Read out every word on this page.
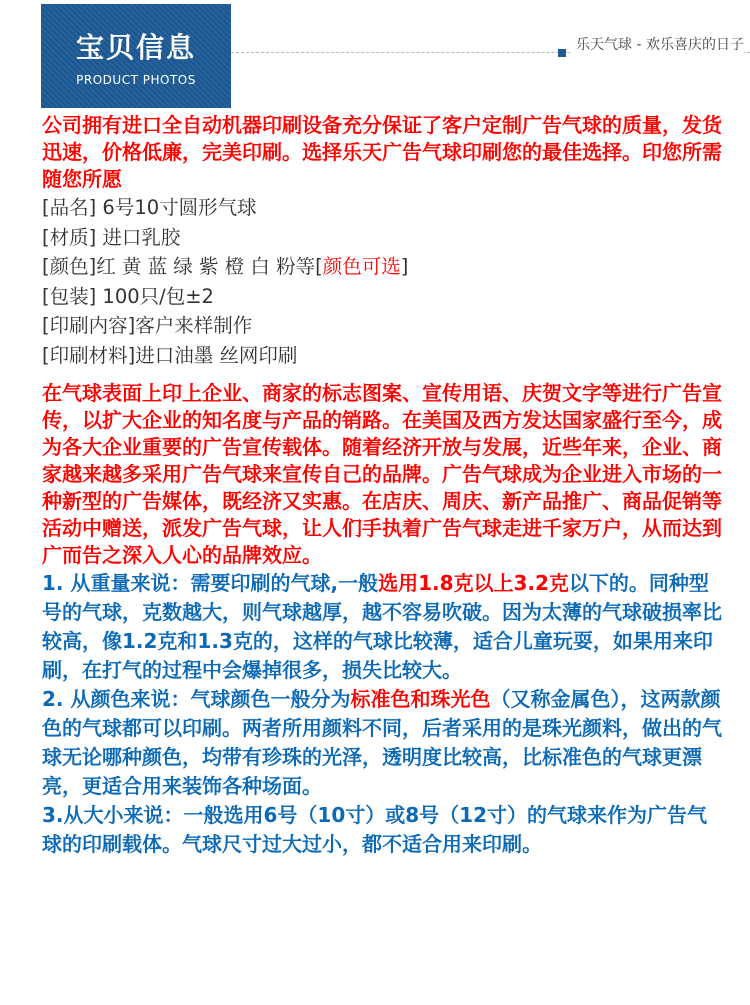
宝贝信息
PRODUCT PHOTOS
乐天气球 - 欢乐喜庆的日子

公司拥有进口全自动机器印刷设备充分保证了客户定制广告气球的质量，发货迅速，价格低廉，完美印刷。选择乐天广告气球印刷您的最佳选择。印您所需 随您所愿

[品名] 6号10寸圆形气球

[材质] 进口乳胶

[颜色]红 黄 蓝 绿 紫 橙 白 粉等[颜色可选]

[包装] 100只/包±2

[印刷内容]客户来样制作

[印刷材料]进口油墨 丝网印刷

在气球表面上印上企业、商家的标志图案、宣传用语、庆贺文字等进行广告宣传，以扩大企业的知名度与产品的销路。在美国及西方发达国家盛行至今，成为各大企业重要的广告宣传载体。随着经济开放与发展，近些年来，企业、商家越来越多采用广告气球来宣传自己的品牌。广告气球成为企业进入市场的一种新型的广告媒体，既经济又实惠。在店庆、周庆、新产品推广、商品促销等活动中赠送，派发广告气球，让人们手执着广告气球走进千家万户，从而达到广而告之深入人心的品牌效应。

1. 从重量来说：需要印刷的气球,一般选用1.8克以上3.2克以下的。同种型号的气球，克数越大，则气球越厚，越不容易吹破。因为太薄的气球破损率比较高，像1.2克和1.3克的，这样的气球比较薄，适合儿童玩耍，如果用来印刷，在打气的过程中会爆掉很多，损失比较大。

2. 从颜色来说：气球颜色一般分为标准色和珠光色（又称金属色），这两款颜色的气球都可以印刷。两者所用颜料不同，后者采用的是珠光颜料，做出的气球无论哪种颜色，均带有珍珠的光泽，透明度比较高，比标准色的气球更漂亮，更适合用来装饰各种场面。

3.从大小来说：一般选用6号（10寸）或8号（12寸）的气球来作为广告气球的印刷载体。气球尺寸过大过小，都不适合用来印刷。
